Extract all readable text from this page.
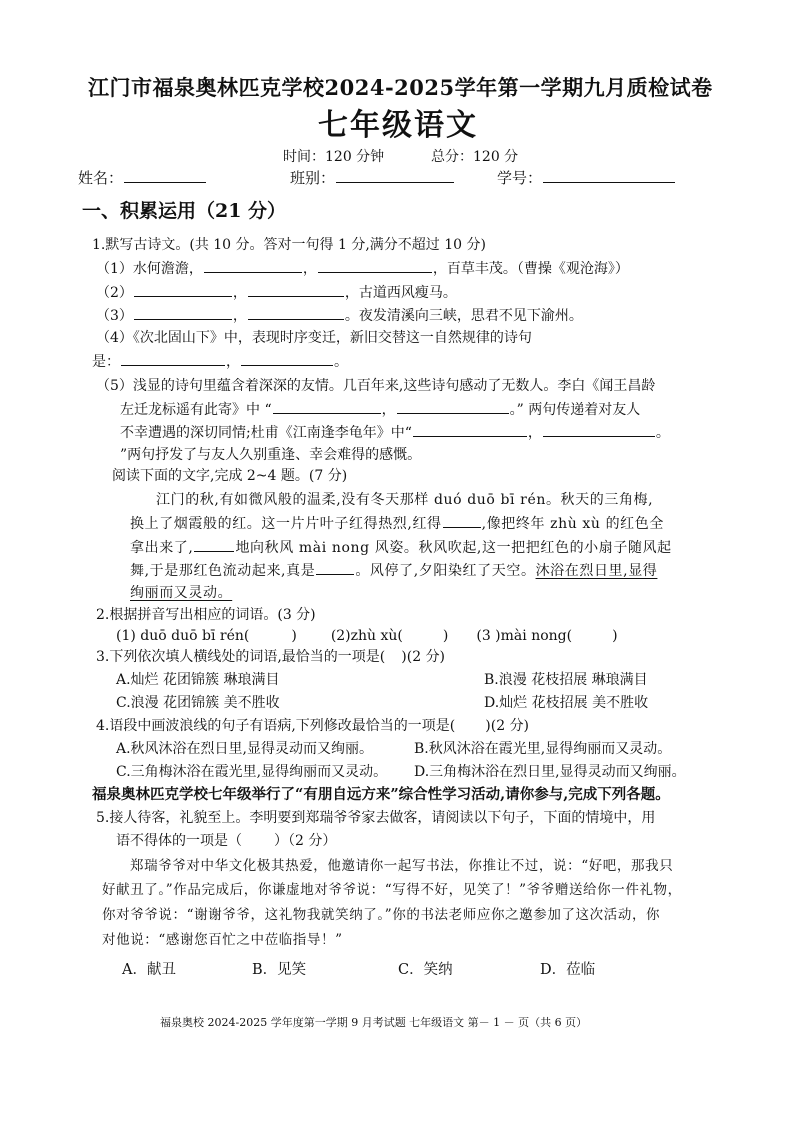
江门市福泉奥林匹克学校2024-2025学年第一学期九月质检试卷
七年级语文
时间：120 分钟	总分：120 分
姓名：	班别：	学号：
一、积累运用（21 分）
1.默写古诗文。(共 10 分。答对一句得 1 分,满分不超过 10 分)
（1）水何澹澹，	，	，百草丰茂。（曹操《观沧海》）
（2）	，	，古道西风瘦马。
（3）	，	。夜发清溪向三峡，思君不见下渝州。
（4）《次北固山下》中，表现时序变迁，新旧交替这一自然规律的诗句
是：	，	。
（5）浅显的诗句里蕴含着深深的友情。几百年来,这些诗句感动了无数人。李白《闻王昌龄
左迁龙标遥有此寄》中 “	，	。” 两句传递着对友人
不幸遭遇的深切同情;杜甫《江南逢李龟年》中“	，	。
”两句抒发了与友人久别重逢、幸会难得的感慨。
阅读下面的文字,完成 2~4 题。(7 分)
江门的秋,有如微风般的温柔,没有冬天那样 duó duō bī rén。秋天的三角梅,
换上了烟霞般的红。这一片片叶子红得热烈,红得	,像把终年 zhù xù 的红色全
拿出来了,	地向秋风 mài nong 风姿。秋风吹起,这一把把红色的小扇子随风起
舞,于是那红色流动起来,真是	。风停了,夕阳染红了天空。沐浴在烈日里,显得
绚丽而又灵动。
2.根据拼音写出相应的词语。(3 分)
(1) duō duō bī rén(	) (2)zhù xù(	) (3 )mài nong(	)
3.下列依次填人横线处的词语,最恰当的一项是( )(2 分)
A.灿烂 花团锦簇 琳琅满目	B.浪漫 花枝招展 琳琅满目
C.浪漫 花团锦簇 美不胜收	D.灿烂 花枝招展 美不胜收
4.语段中画波浪线的句子有语病,下列修改最恰当的一项是( )(2 分)
A.秋风沐浴在烈日里,显得灵动而又绚丽。	B.秋风沐浴在霞光里,显得绚丽而又灵动。
C.三角梅沐浴在霞光里,显得绚丽而又灵动。 D.三角梅沐浴在烈日里,显得灵动而又绚丽。
福泉奥林匹克学校七年级举行了“有朋自远方来”综合性学习活动,请你参与,完成下列各题。
5.接人待客，礼貌至上。李明要到郑瑞爷爷家去做客，请阅读以下句子，下面的情境中，用
语不得体的一项是（ ）（2 分）
郑瑞爷爷对中华文化极其热爱，他邀请你一起写书法，你推让不过，说：“好吧，那我只
好献丑了。”作品完成后，你谦虚地对爷爷说：“写得不好，见笑了！”爷爷赠送给你一件礼物，
你对爷爷说：“谢谢爷爷，这礼物我就笑纳了。”你的书法老师应你之邀参加了这次活动，你
对他说：“感谢您百忙之中莅临指导！”
A．献丑	B．见笑	C．笑纳	D．莅临
福泉奥校 2024-2025 学年度第一学期 9 月考试题 七年级语文 第－ 1 － 页（共 6 页）
